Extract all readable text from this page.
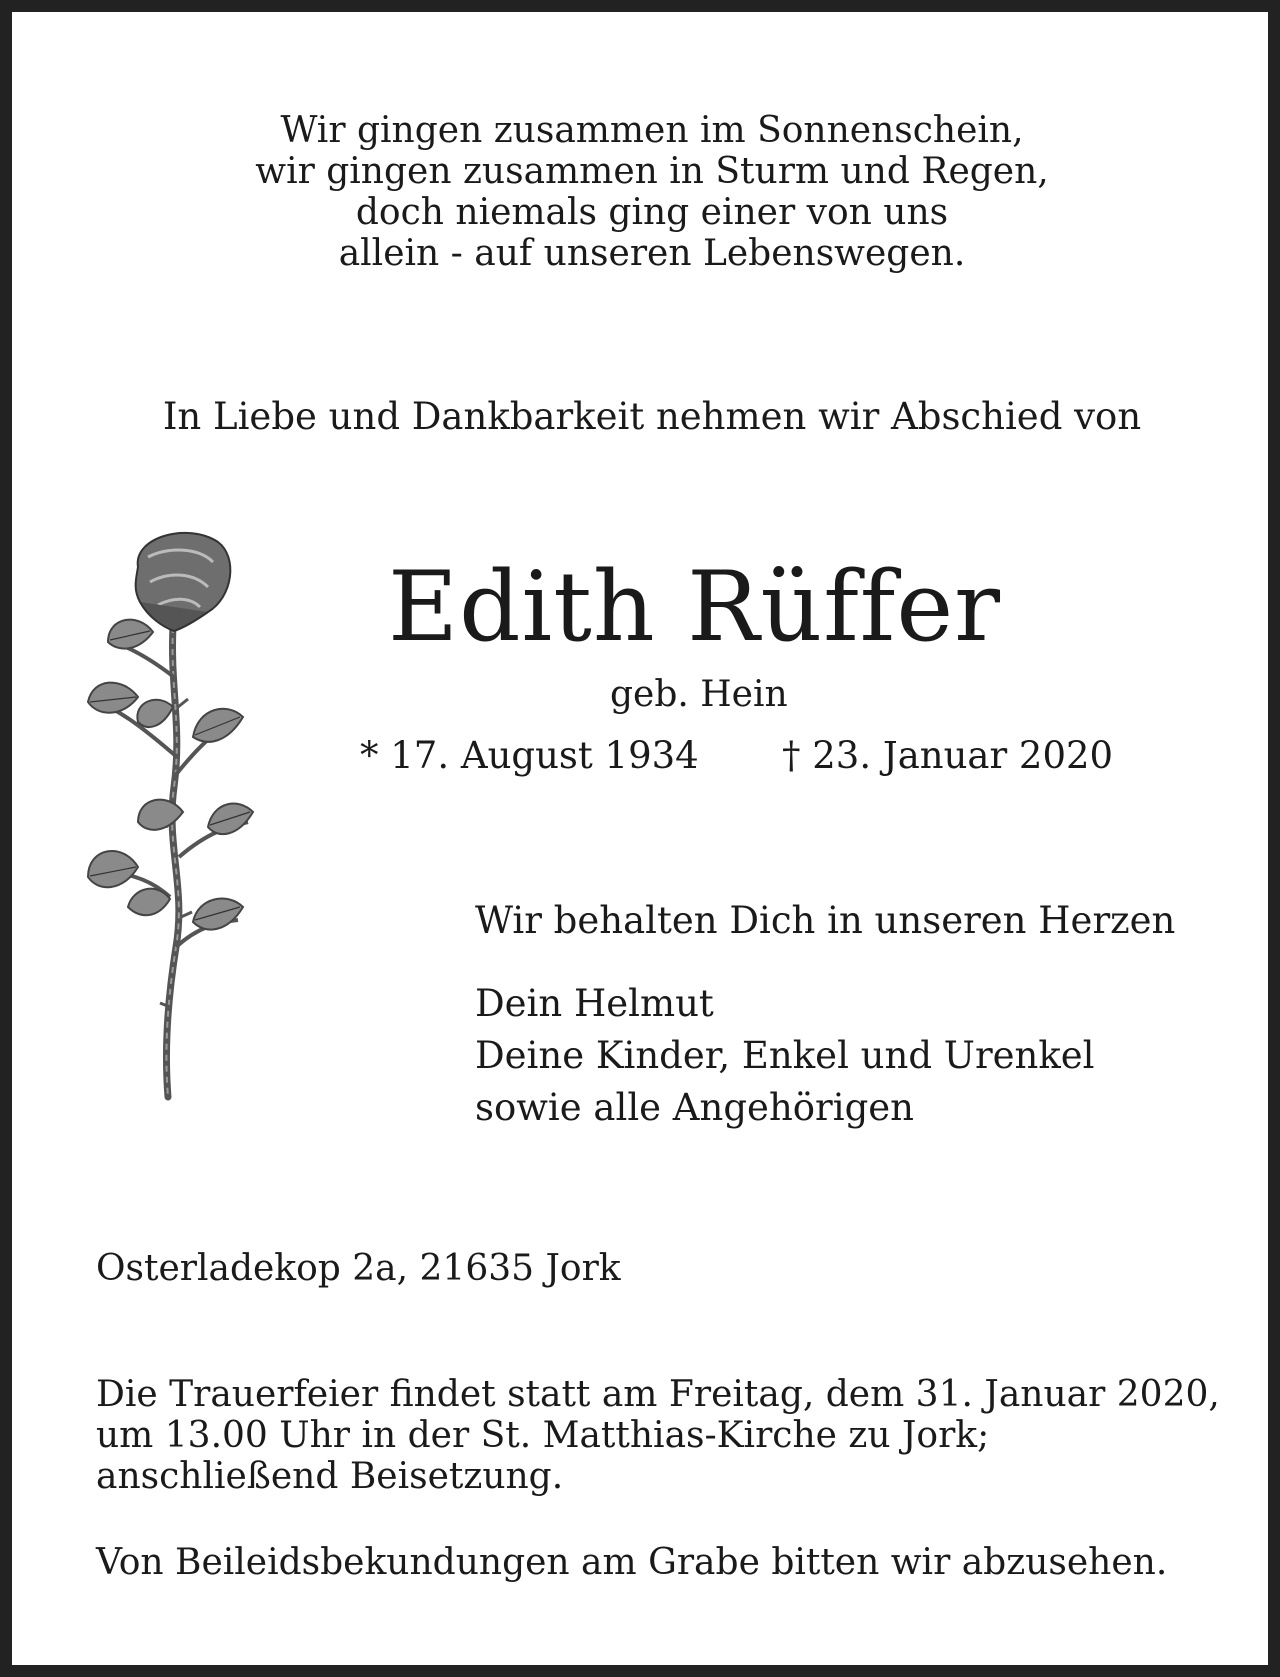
Wir gingen zusammen im Sonnenschein,
wir gingen zusammen in Sturm und Regen,
doch niemals ging einer von uns
allein - auf unseren Lebenswegen.
In Liebe und Dankbarkeit nehmen wir Abschied von
Edith Rüffer
geb. Hein
* 17. August 1934 † 23. Januar 2020
Wir behalten Dich in unseren Herzen
Dein Helmut
Deine Kinder, Enkel und Urenkel
sowie alle Angehörigen
Osterladekop 2a, 21635 Jork
Die Trauerfeier findet statt am Freitag, dem 31. Januar 2020,
um 13.00 Uhr in der St. Matthias-Kirche zu Jork;
anschließend Beisetzung.
Von Beileidsbekundungen am Grabe bitten wir abzusehen.
